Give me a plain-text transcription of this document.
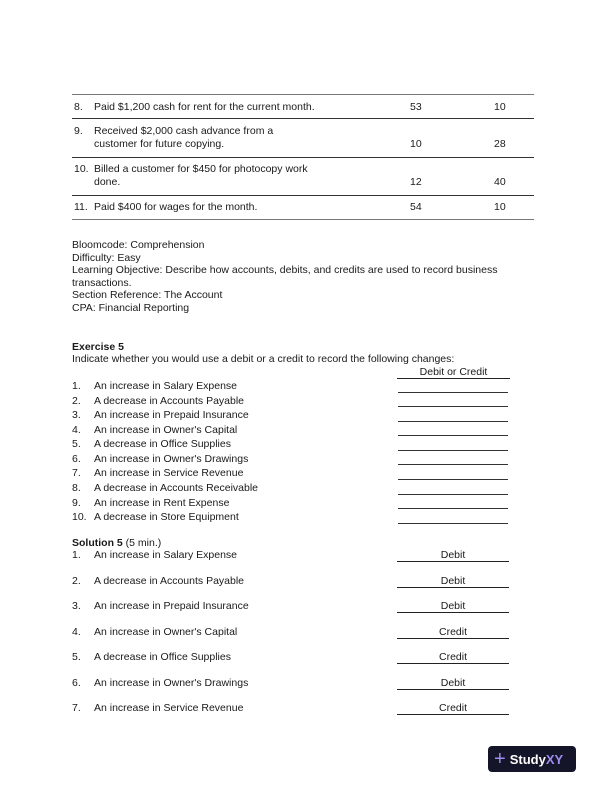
8. Paid $1,200 cash for rent for the current month.	53	10
9. Received $2,000 cash advance from a
customer for future copying.	10	28
10. Billed a customer for $450 for photocopy work
done.	12	40
11. Paid $400 for wages for the month.	54	10
Bloomcode: Comprehension
Difficulty: Easy
Learning Objective: Describe how accounts, debits, and credits are used to record business
transactions.
Section Reference: The Account
CPA: Financial Reporting
Exercise 5
Indicate whether you would use a debit or a credit to record the following changes:
Debit or Credit
1. An increase in Salary Expense
2. A decrease in Accounts Payable
3. An increase in Prepaid Insurance
4. An increase in Owner's Capital
5. A decrease in Office Supplies
6. An increase in Owner's Drawings
7. An increase in Service Revenue
8. A decrease in Accounts Receivable
9. An increase in Rent Expense
10. A decrease in Store Equipment
Solution 5 (5 min.)
1. An increase in Salary Expense	Debit
2. A decrease in Accounts Payable	Debit
3. An increase in Prepaid Insurance	Debit
4. An increase in Owner's Capital	Credit
5. A decrease in Office Supplies	Credit
6. An increase in Owner's Drawings	Debit
7. An increase in Service Revenue	Credit
+ Study XY
